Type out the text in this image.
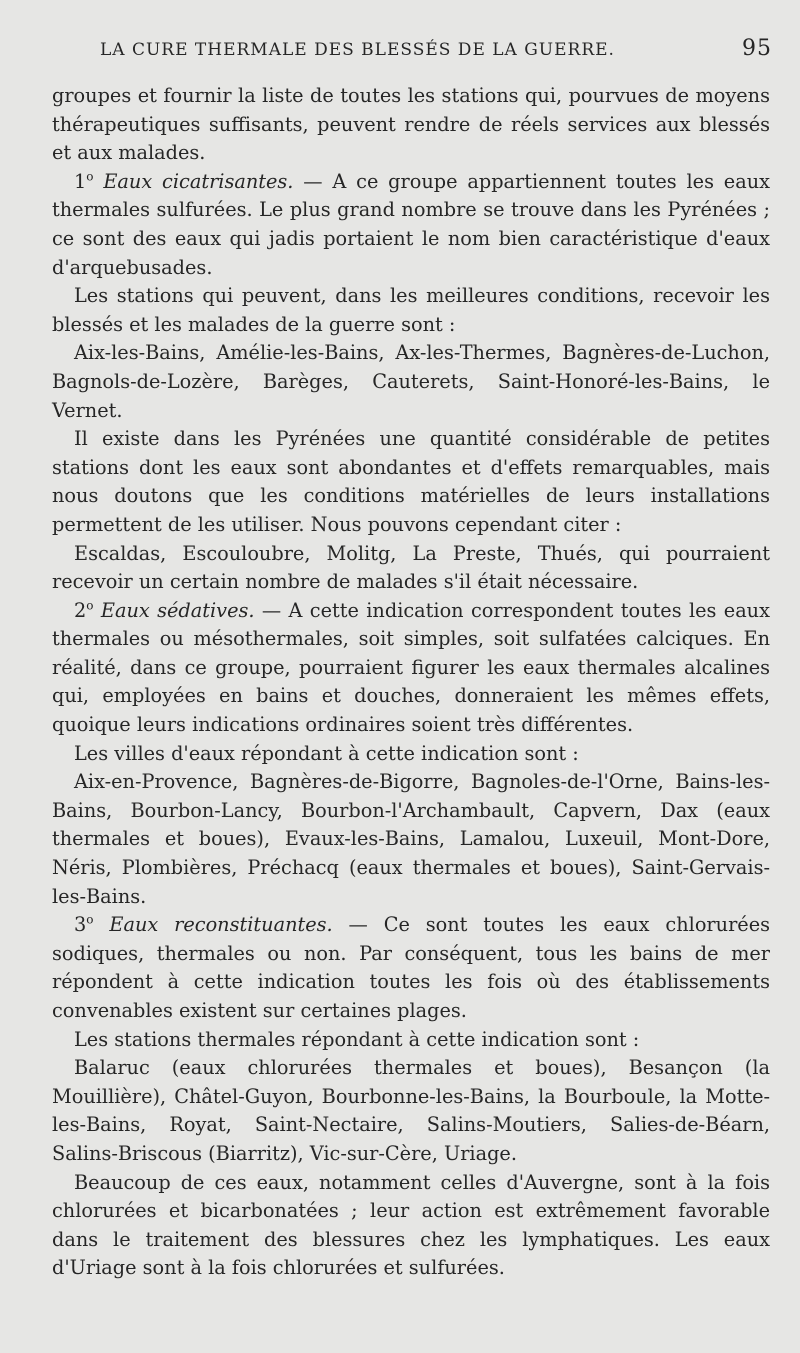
LA CURE THERMALE DES BLESSÉS DE LA GUERRE.	95

groupes et fournir la liste de toutes les stations qui, pourvues de moyens thérapeutiques suffisants, peuvent rendre de réels services aux blessés et aux malades.

1$^o$ Eaux cicatrisantes. — A ce groupe appartiennent toutes les eaux thermales sulfurées. Le plus grand nombre se trouve dans les Pyrénées ; ce sont des eaux qui jadis portaient le nom bien caractéristique d'eaux d'arquebusades.

Les stations qui peuvent, dans les meilleures conditions, recevoir les blessés et les malades de la guerre sont :

Aix-les-Bains, Amélie-les-Bains, Ax-les-Thermes, Bagnères-de-Luchon, Bagnols-de-Lozère, Barèges, Cauterets, Saint-Honoré-les-Bains, le Vernet.

Il existe dans les Pyrénées une quantité considérable de petites stations dont les eaux sont abondantes et d'effets remarquables, mais nous doutons que les conditions matérielles de leurs installations permettent de les utiliser. Nous pouvons cependant citer :

Escaldas, Escouloubre, Molitg, La Preste, Thués, qui pourraient recevoir un certain nombre de malades s'il était nécessaire.

2$^o$ Eaux sédatives. — A cette indication correspondent toutes les eaux thermales ou mésothermales, soit simples, soit sulfatées calciques. En réalité, dans ce groupe, pourraient figurer les eaux thermales alcalines qui, employées en bains et douches, donneraient les mêmes effets, quoique leurs indications ordinaires soient très différentes.

Les villes d'eaux répondant à cette indication sont :

Aix-en-Provence, Bagnères-de-Bigorre, Bagnoles-de-l'Orne, Bains-les-Bains, Bourbon-Lancy, Bourbon-l'Archambault, Capvern, Dax (eaux thermales et boues), Evaux-les-Bains, Lamalou, Luxeuil, Mont-Dore, Néris, Plombières, Préchacq (eaux thermales et boues), Saint-Gervais-les-Bains.

3$^o$ Eaux reconstituantes. — Ce sont toutes les eaux chlorurées sodiques, thermales ou non. Par conséquent, tous les bains de mer répondent à cette indication toutes les fois où des établissements convenables existent sur certaines plages.

Les stations thermales répondant à cette indication sont :

Balaruc (eaux chlorurées thermales et boues), Besançon (la Mouillière), Châtel-Guyon, Bourbonne-les-Bains, la Bourboule, la Motte-les-Bains, Royat, Saint-Nectaire, Salins-Moutiers, Salies-de-Béarn, Salins-Briscous (Biarritz), Vic-sur-Cère, Uriage.

Beaucoup de ces eaux, notamment celles d'Auvergne, sont à la fois chlorurées et bicarbonatées ; leur action est extrêmement favorable dans le traitement des blessures chez les lymphatiques. Les eaux d'Uriage sont à la fois chlorurées et sulfurées.
